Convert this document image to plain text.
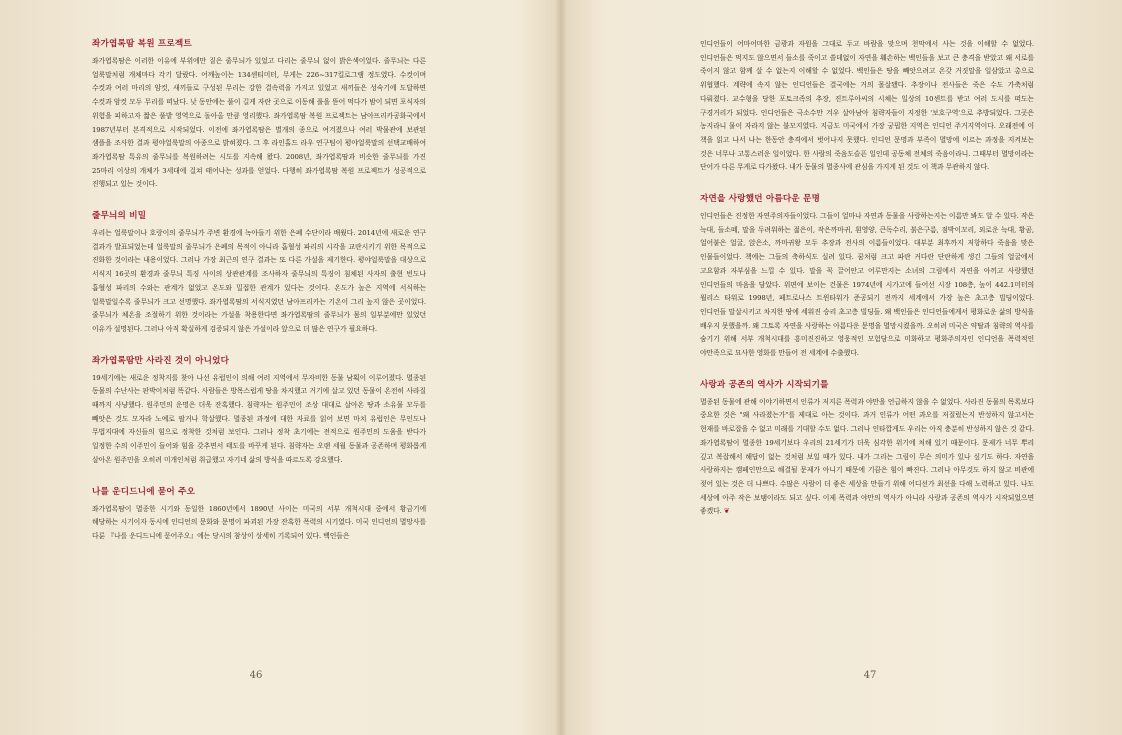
좌가엽록땀 복원 프로젝트

좌가엽록땀은 이러한 이유에 부위에만 짙은 줄무늬가 있었고 다리는 줄무늬 없이 밝은색이었다. 줄무늬는 다른 얼룩말처럼 개체마다 각기 달랐다. 어깨높이는 134센티미터, 무게는 226~317킬로그램 정도였다. 수컷이며 수컷과 여러 마리의 암컷, 새끼들로 구성된 무리는 강한 결속력을 가지고 있었고 새끼들은 성숙기에 도달하면 수컷과 암컷 모두 무리를 떠났다. 낮 동안에는 풀이 길게 자란 곳으로 이동해 풀을 뜯어 먹다가 밤이 되면 포식자의 위험을 피하고자 짧은 풀밭 영역으로 돌아올 만큼 영리했다. 좌가엽록땀 복원 프로젝트는 남아프리카공화국에서 1987년부터 본격적으로 시작되었다. 이전에 좌가엽록땀은 별개의 종으로 여겨졌으나 여러 박물관에 보관된 샘플을 조사한 결과 평야얼룩말의 아종으로 밝혀졌다. 그 후 라인홀드 라우 연구팀이 평야얼룩말의 선택교배하여 좌가엽록땀 특유의 줄무늬를 복원하려는 시도를 지속해 왔다. 2008년, 좌가엽록땀과 비슷한 줄무늬를 가진 25마리 이상의 개체가 3세대에 걸쳐 태어나는 성과를 얻었다. 다행히 좌가엽록땀 복원 프로젝트가 성공적으로 진행되고 있는 것이다.

줄무늬의 비밀

우리는 얼룩말이나 호랑이의 줄무늬가 주변 환경에 녹아들기 위한 은폐 수단이라 배웠다. 2014년에 새로운 연구 결과가 발표되었는데 얼룩말의 줄무늬가 은폐의 목적이 아니라 흡혈성 파리의 시각을 교란시키기 위한 목적으로 진화한 것이라는 내용이었다. 그러나 가장 최근의 연구 결과는 또 다른 가설을 제기한다. 평야얼룩말을 대상으로 서식지 16곳의 환경과 줄무늬 특징 사이의 상관관계를 조사하자 줄무늬의 특징이 침체된 사자의 출현 빈도나 흡혈성 파리의 수와는 관계가 없었고 온도와 밀접한 관계가 있다는 것이다. 온도가 높은 지역에 서식하는 얼룩말일수록 줄무늬가 크고 선명했다. 좌가엽록땀의 서식지였던 남아프리카는 기온이 그리 높지 않은 곳이었다. 줄무늬가 체온을 조절하기 위한 것이라는 가설을 착용한다면 좌가엽록땀의 줄무늬가 몸의 일부분에만 있었던 이유가 설명된다. 그러나 아직 확실하게 검증되지 않은 가설이라 앞으로 더 많은 연구가 필요하다.

좌가엽록땀만 사라진 것이 아니었다

19세기에는 새로운 정착지를 찾아 나선 유럽인이 의해 여러 지역에서 무자비한 동물 남획이 이루어졌다. 멸종된 동물의 수난사는 판박이처럼 똑같다. 사람들은 방목스럽게 땅을 차지했고 거기에 살고 있던 동물이 온전히 사라질 때까지 사냥했다. 원주민의 운명은 더욱 잔혹했다. 침략자는 원주민이 조상 대대로 살아온 땅과 소유물 모두를 빼앗은 것도 모자라 노예로 팔거나 학살했다. 멸종된 과정에 대한 자료를 읽어 보면 마치 유럽인은 무인도나 무법지대에 자신들의 힘으로 정착한 것처럼 보인다. 그러나 정착 초기에는 전적으로 원주민의 도움을 받다가 일정한 수의 이주민이 들어와 힘을 갖추면서 태도를 바꾸게 된다. 침략자는 오랜 세월 동물과 공존하며 평화롭게 살아온 원주민을 오히려 미개인처럼 취급했고 자기네 삶의 방식을 따르도록 강요했다.

나를 운디드니에 묻어 주오

좌가엽록땀이 멸종한 시기와 동일한 1860년에서 1890년 사이는 미국의 서부 개척시대 중에서 황금기에 해당하는 시기이자 동시에 인디언의 문화와 문명이 파괴된 가장 잔혹한 폭력의 시기였다. 미국 인디언의 멸망사를 다룬 『나를 운디드니에 묻어주오』에는 당시의 참상이 상세히 기록되어 있다. 백인들은

46

인디언들이 어마어마한 금광과 자원을 그대로 두고 바람을 맞으며 천막에서 사는 것을 이해할 수 없었다. 인디언들은 먹지도 않으면서 들소를 죽이고 쓸데없이 자연을 훼손하는 백인들을 보고 큰 충격을 받았고 왜 서로를 죽이지 않고 함께 살 수 없는지 이해할 수 없었다. 백인들은 땅을 빼앗으려고 온갖 거짓말을 일삼았고 총으로 위협했다. 계략에 속지 않는 인디언들은 결국에는 거의 몰살됐다. 추장이나 전사들은 죽은 수도 가축처럼 다뤄졌다. 교수형을 당한 포토크족의 추장, 진트루아씨의 시체는 일상의 10센트를 받고 여러 도시를 떠도는 구경거리가 되었다. 인디언들은 극소수만 겨우 살아남아 침략자들이 지정한 '보호구역'으로 추방되었다. 그곳은 농지라니 물이 자라지 않는 불모지였다. 지금도 미국에서 가장 궁핍한 지역은 인디언 주거지역이다. 오래전에 이 책을 읽고 나서 나는 한동안 충격에서 벗어나지 못했다. 인디언 문명과 부족이 멸망에 이르는 과정을 지켜보는 것은 너무나 고통스러운 일이었다. 한 사람의 죽음도슬픈 일인데 공동체 전체의 죽음이라니. 그때부터 멸망이라는 단어가 다른 무게로 다가왔다. 내가 동물의 멸종사에 관심을 가지게 된 것도 이 책과 무관하지 않다.

자연을 사랑했던 아름다운 문명

인디언들은 진정한 자연주의자들이었다. 그들이 얼마나 자연과 동물을 사랑하는지는 이름만 봐도 알 수 있다. 작은 늑대, 들소떼, 말을 두려워하는 젊은이, 작은까마귀, 흰영양, 큰독수리, 붉은구름, 점박이꼬리, 외로운 늑대, 황곰, 얼어붙은 얼굴, 앉은소, 까마귀왕 모두 추장과 전사의 이름들이었다. 대부분 최후까지 저항하다 죽음을 맞은 인물들이었다. 책에는 그들의 축하식도 실려 있다. 꿈처럼 크고 파란 커다란 단란하게 생긴 그들의 얼굴에서 고요함과 자부심을 느낄 수 있다. 말을 꼭 끌어안고 어루만지는 소녀의 그림에서 자연을 아끼고 사랑했던 인디언들의 마음을 담았다. 위편에 보이는 건물은 1974년에 시가고에 들어선 시장 108층, 높이 442.1미터의 윌리스 타워로 1998년, 페트로나스 트윈타워가 준공되기 전까지 세계에서 가장 높은 초고층 빌딩이었다. 인디언들 말살시키고 차지한 땅에 세워진 승리 초고층 빌딩들. 왜 백인들은 인디언들에게서 평화로운 삶의 방식을 배우지 못했을까. 왜 그토록 자연을 사랑하는 아름다운 문명을 멸망시켰을까. 오히려 미국은 약탈과 침략의 역사를 숨기기 위해 서부 개척시대를 흥미진진하고 영웅적인 모험담으로 미화하고 평화주의자인 인디언을 폭력적인 야만족으로 묘사한 영화를 만들어 전 세계에 수출했다.

사랑과 공존의 역사가 시작되기를

멸종된 동물에 관해 이야기하면서 인류가 저지른 폭력과 야만을 언급하지 않을 수 없었다. 사라진 동물의 목록보다 중요한 것은 "왜 사라졌는가"를 제대로 아는 것이다. 과거 인류가 어떤 과오를 저질렀는지 반성하지 않고서는 현재를 바로잡을 수 없고 미래를 기대할 수도 없다. 그러나 인타깝게도 우리는 아직 충분히 반성하지 않은 것 같다. 좌가엽록땀이 멸종한 19세기보다 우리의 21세기가 더욱 심각한 위기에 처해 있기 때문이다. 문제가 너무 뿌리 깊고 복잡해서 해답이 없는 것처럼 보일 때가 있다. 내가 그리는 그림이 무슨 의미가 있나 싶기도 하다. 자연을 사랑하지는 캠페인만으로 해결될 문제가 아니기 때문에 기끔은 힘이 빠진다. 그러나 아무것도 하지 않고 비관에 젖어 있는 것은 더 나쁘다. 수많은 사람이 더 좋은 세상을 만들기 위해 어디선가 최선을 다해 노력하고 있다. 나도 세상에 아주 작은 보탬이라도 되고 싶다. 이제 폭력과 야만의 역사가 아니라 사랑과 공존의 역사가 시작되었으면 좋겠다. ❦

47
